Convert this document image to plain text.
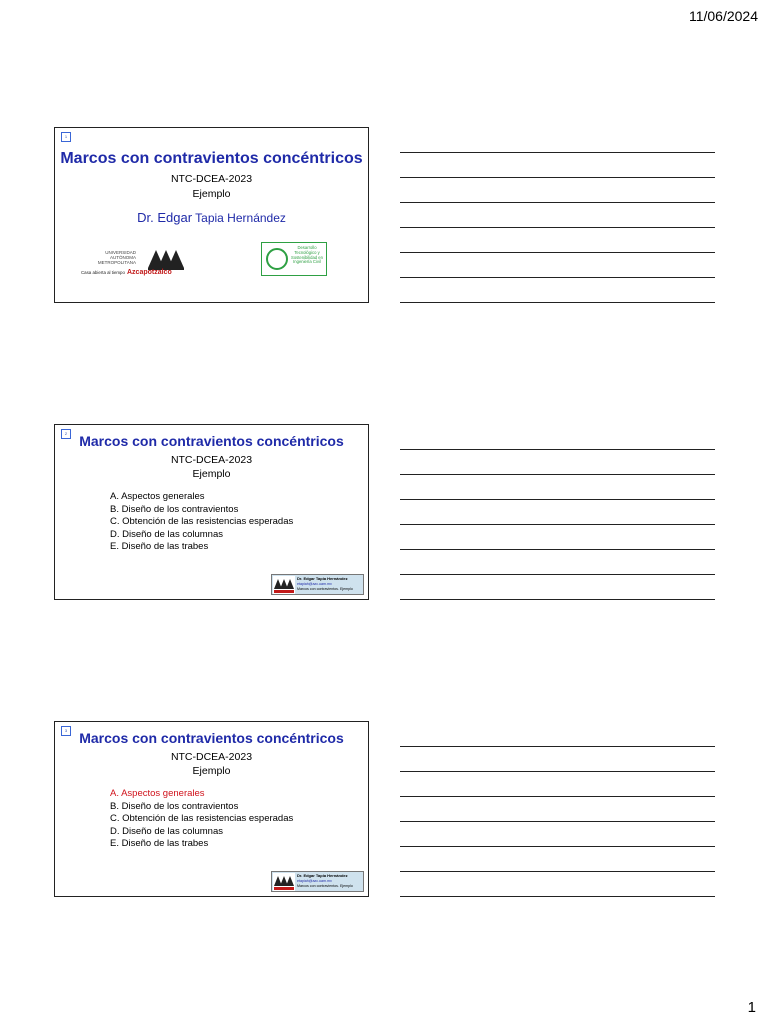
11/06/2024
1
Marcos con contravientos concéntricos
NTC-DCEA-2023
Ejemplo
Dr. Edgar Tapia Hernández
UNIVERSIDAD AUTÓNOMA METROPOLITANA
Casa abierta al tiempo Azcapotzalco
Desarrollo Tecnológico y Sostenibilidad en Ingeniería Civil
2 Marcos con contravientos concéntricos
NTC-DCEA-2023
Ejemplo
A. Aspectos generales
B. Diseño de los contravientos
C. Obtención de las resistencias esperadas
D. Diseño de las columnas
E. Diseño de las trabes
Dr. Edgar Tapia Hernández
etapiah@azc.uam.mx
Marcos con contravientos. Ejemplo
3 Marcos con contravientos concéntricos
NTC-DCEA-2023
Ejemplo
A. Aspectos generales
B. Diseño de los contravientos
C. Obtención de las resistencias esperadas
D. Diseño de las columnas
E. Diseño de las trabes
Dr. Edgar Tapia Hernández
etapiah@azc.uam.mx
Marcos con contravientos. Ejemplo
1
